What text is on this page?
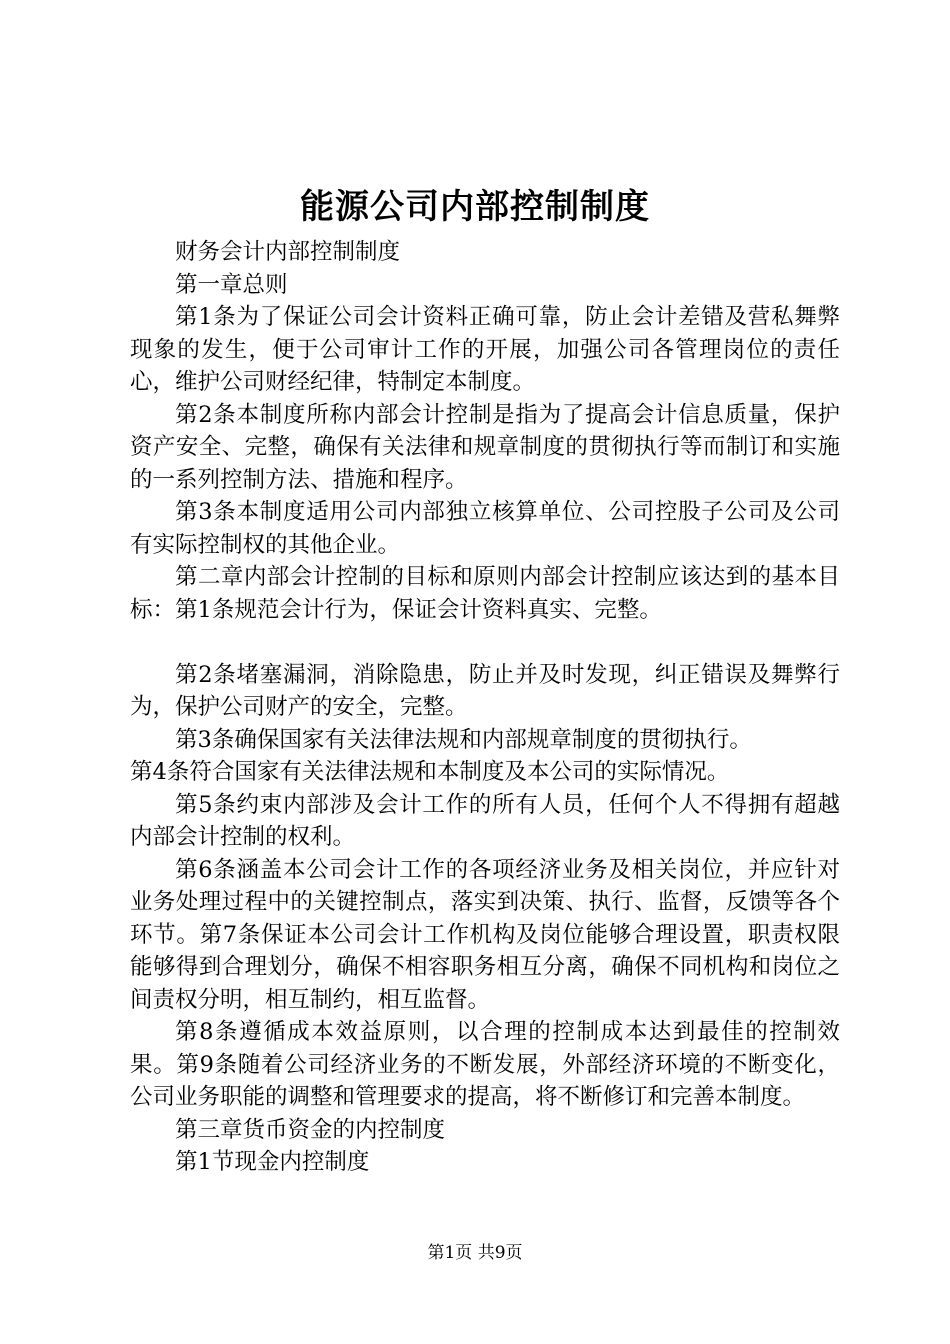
能源公司内部控制制度

财务会计内部控制制度

第一章总则

第1条为了保证公司会计资料正确可靠，防止会计差错及营私舞弊现象的发生，便于公司审计工作的开展，加强公司各管理岗位的责任心，维护公司财经纪律，特制定本制度。

第2条本制度所称内部会计控制是指为了提高会计信息质量，保护资产安全、完整，确保有关法律和规章制度的贯彻执行等而制订和实施的一系列控制方法、措施和程序。

第3条本制度适用公司内部独立核算单位、公司控股子公司及公司有实际控制权的其他企业。

第二章内部会计控制的目标和原则内部会计控制应该达到的基本目标：第1条规范会计行为，保证会计资料真实、完整。

第2条堵塞漏洞，消除隐患，防止并及时发现，纠正错误及舞弊行为，保护公司财产的安全，完整。

第3条确保国家有关法律法规和内部规章制度的贯彻执行。

第4条符合国家有关法律法规和本制度及本公司的实际情况。

第5条约束内部涉及会计工作的所有人员，任何个人不得拥有超越内部会计控制的权利。

第6条涵盖本公司会计工作的各项经济业务及相关岗位，并应针对业务处理过程中的关键控制点，落实到决策、执行、监督，反馈等各个环节。第7条保证本公司会计工作机构及岗位能够合理设置，职责权限能够得到合理划分，确保不相容职务相互分离，确保不同机构和岗位之间责权分明，相互制约，相互监督。

第8条遵循成本效益原则，以合理的控制成本达到最佳的控制效果。第9条随着公司经济业务的不断发展，外部经济环境的不断变化，公司业务职能的调整和管理要求的提高，将不断修订和完善本制度。

第三章货币资金的内控制度

第1节现金内控制度

第1页 共9页
